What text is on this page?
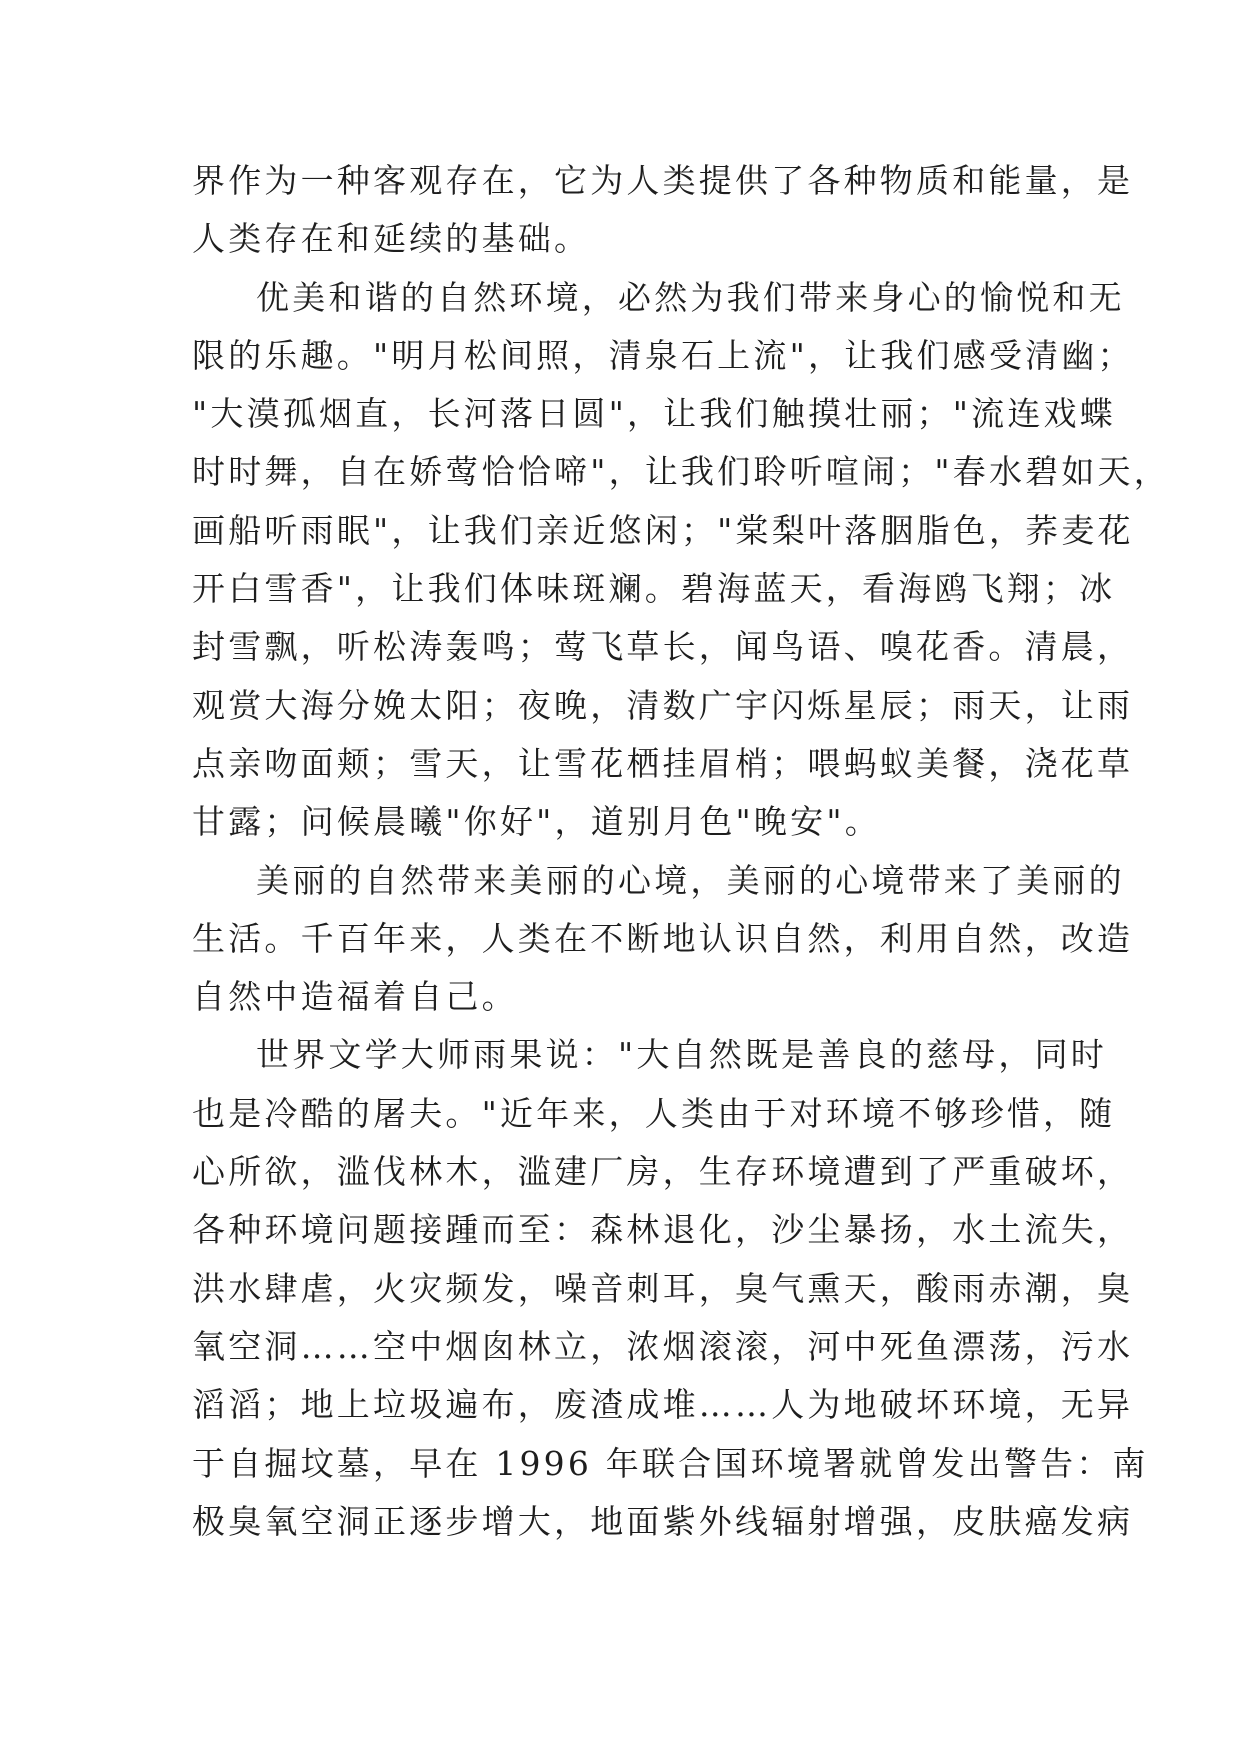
界作为一种客观存在，它为人类提供了各种物质和能量，是
人类存在和延续的基础。
优美和谐的自然环境，必然为我们带来身心的愉悦和无
限的乐趣。"明月松间照，清泉石上流"，让我们感受清幽；
"大漠孤烟直，长河落日圆"，让我们触摸壮丽；"流连戏蝶
时时舞，自在娇莺恰恰啼"，让我们聆听喧闹；"春水碧如天，
画船听雨眠"，让我们亲近悠闲；"棠梨叶落胭脂色，荞麦花
开白雪香"，让我们体味斑斓。碧海蓝天，看海鸥飞翔；冰
封雪飘，听松涛轰鸣；莺飞草长，闻鸟语、嗅花香。清晨，
观赏大海分娩太阳；夜晚，清数广宇闪烁星辰；雨天，让雨
点亲吻面颊；雪天，让雪花栖挂眉梢；喂蚂蚁美餐，浇花草
甘露；问候晨曦"你好"，道别月色"晚安"。
美丽的自然带来美丽的心境，美丽的心境带来了美丽的
生活。千百年来，人类在不断地认识自然，利用自然，改造
自然中造福着自己。
世界文学大师雨果说："大自然既是善良的慈母，同时
也是冷酷的屠夫。"近年来，人类由于对环境不够珍惜，随
心所欲，滥伐林木，滥建厂房，生存环境遭到了严重破坏，
各种环境问题接踵而至：森林退化，沙尘暴扬，水土流失，
洪水肆虐，火灾频发，噪音刺耳，臭气熏天，酸雨赤潮，臭
氧空洞……空中烟囱林立，浓烟滚滚，河中死鱼漂荡，污水
滔滔；地上垃圾遍布，废渣成堆……人为地破坏环境，无异
于自掘坟墓，早在 1996 年联合国环境署就曾发出警告：南
极臭氧空洞正逐步增大，地面紫外线辐射增强，皮肤癌发病
